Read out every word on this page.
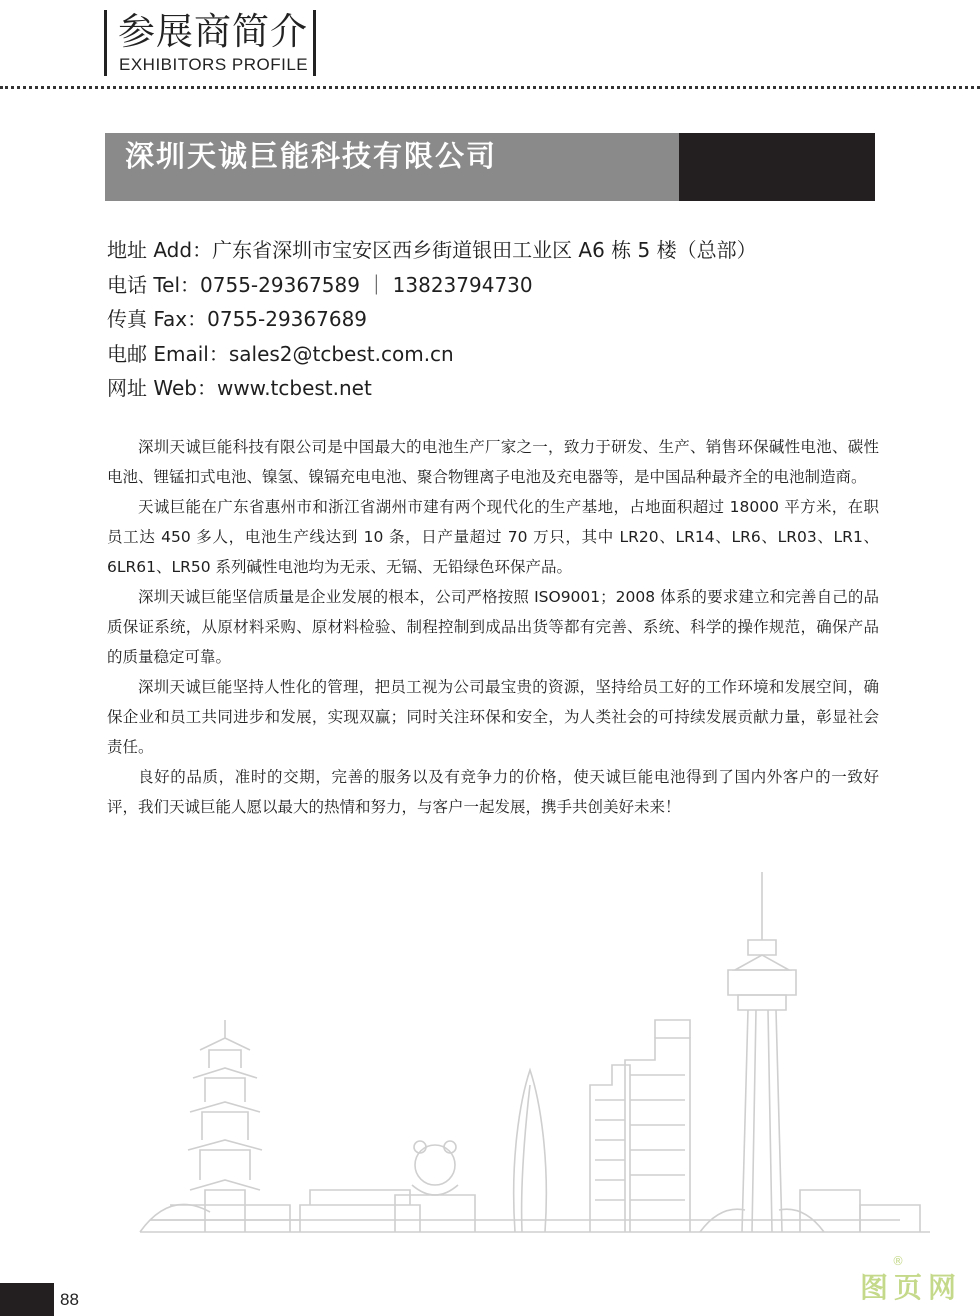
参展商简介
EXHIBITORS PROFILE
深圳天诚巨能科技有限公司
地址 Add：广东省深圳市宝安区西乡街道银田工业区 A6 栋 5 楼（总部）
电话 Tel：0755-29367589 ｜ 13823794730
传真 Fax：0755-29367689
电邮 Email：sales2@tcbest.com.cn
网址 Web：www.tcbest.net

深圳天诚巨能科技有限公司是中国最大的电池生产厂家之一，致力于研发、生产、销售环保碱性电池、碳性电池、锂锰扣式电池、镍氢、镍镉充电电池、聚合物锂离子电池及充电器等，是中国品种最齐全的电池制造商。

天诚巨能在广东省惠州市和浙江省湖州市建有两个现代化的生产基地，占地面积超过 18000 平方米，在职员工达 450 多人，电池生产线达到 10 条，日产量超过 70 万只，其中 LR20、LR14、LR6、LR03、LR1、6LR61、LR50 系列碱性电池均为无汞、无镉、无铅绿色环保产品。

深圳天诚巨能坚信质量是企业发展的根本，公司严格按照 ISO9001；2008 体系的要求建立和完善自己的品质保证系统，从原材料采购、原材料检验、制程控制到成品出货等都有完善、系统、科学的操作规范，确保产品的质量稳定可靠。

深圳天诚巨能坚持人性化的管理，把员工视为公司最宝贵的资源，坚持给员工好的工作环境和发展空间，确保企业和员工共同进步和发展，实现双赢；同时关注环保和安全，为人类社会的可持续发展贡献力量，彰显社会责任。

良好的品质，准时的交期，完善的服务以及有竞争力的价格，使天诚巨能电池得到了国内外客户的一致好评，我们天诚巨能人愿以最大的热情和努力，与客户一起发展，携手共创美好未来！

88
®
图页网
